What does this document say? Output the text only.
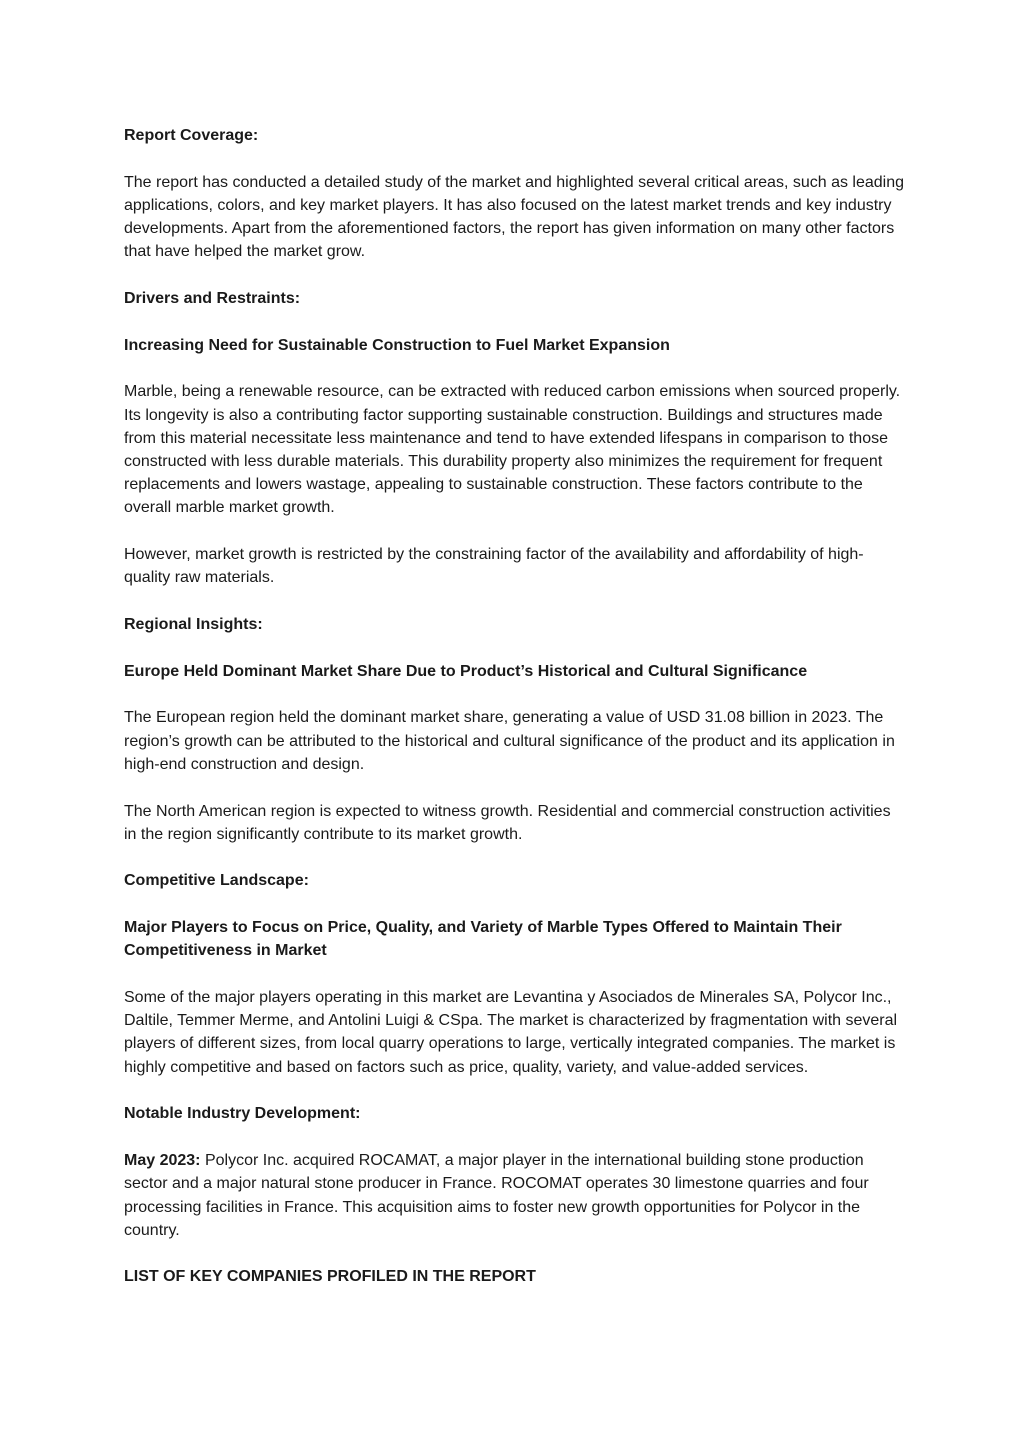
Report Coverage:
The report has conducted a detailed study of the market and highlighted several critical areas, such as leading applications, colors, and key market players. It has also focused on the latest market trends and key industry developments. Apart from the aforementioned factors, the report has given information on many other factors that have helped the market grow.
Drivers and Restraints:
Increasing Need for Sustainable Construction to Fuel Market Expansion
Marble, being a renewable resource, can be extracted with reduced carbon emissions when sourced properly. Its longevity is also a contributing factor supporting sustainable construction. Buildings and structures made from this material necessitate less maintenance and tend to have extended lifespans in comparison to those constructed with less durable materials. This durability property also minimizes the requirement for frequent replacements and lowers wastage, appealing to sustainable construction. These factors contribute to the overall marble market growth.
However, market growth is restricted by the constraining factor of the availability and affordability of high-quality raw materials.
Regional Insights:
Europe Held Dominant Market Share Due to Product’s Historical and Cultural Significance
The European region held the dominant market share, generating a value of USD 31.08 billion in 2023. The region’s growth can be attributed to the historical and cultural significance of the product and its application in high-end construction and design.
The North American region is expected to witness growth. Residential and commercial construction activities in the region significantly contribute to its market growth.
Competitive Landscape:
Major Players to Focus on Price, Quality, and Variety of Marble Types Offered to Maintain Their Competitiveness in Market
Some of the major players operating in this market are Levantina y Asociados de Minerales SA, Polycor Inc., Daltile, Temmer Merme, and Antolini Luigi & CSpa. The market is characterized by fragmentation with several players of different sizes, from local quarry operations to large, vertically integrated companies. The market is highly competitive and based on factors such as price, quality, variety, and value-added services.
Notable Industry Development:
May 2023: Polycor Inc. acquired ROCAMAT, a major player in the international building stone production sector and a major natural stone producer in France. ROCOMAT operates 30 limestone quarries and four processing facilities in France. This acquisition aims to foster new growth opportunities for Polycor in the country.
LIST OF KEY COMPANIES PROFILED IN THE REPORT
